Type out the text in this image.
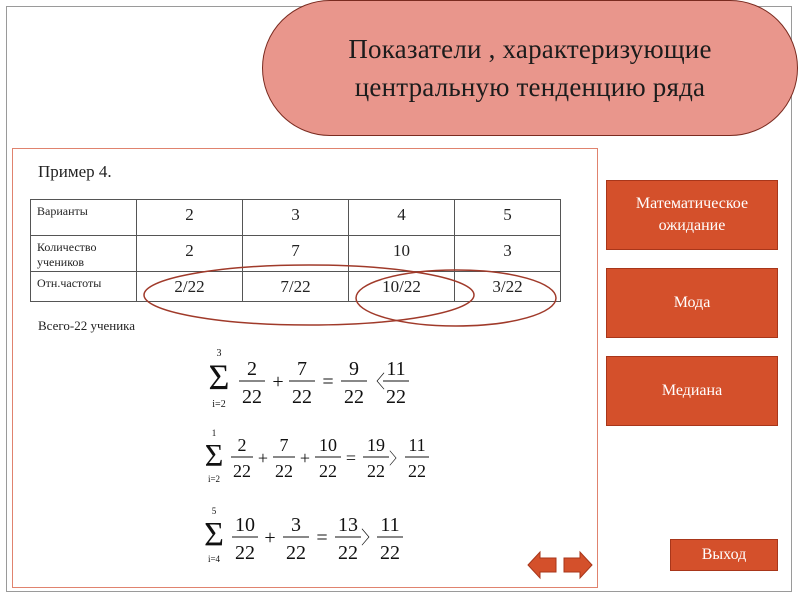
Показатели , характеризующие
центральную тенденцию ряда
Пример 4.
Варианты	2	3	4	5

Количество
учеников	2	7	10	3
Отн.частоты	2/22	7/22	10/22	3/22
Всего-22 ученика
3
Σ
i=2
2
22
+
7
22
=
9
22
〈
11
22
1
Σ
i=2
2
22
+
7
22
+
10
22
=
19
22
〉
11
22
5
Σ
i=4
10
22
+
3
22
=
13
22
〉
11
22
Математическое
ожидание
Мода
Медиана
Выход
